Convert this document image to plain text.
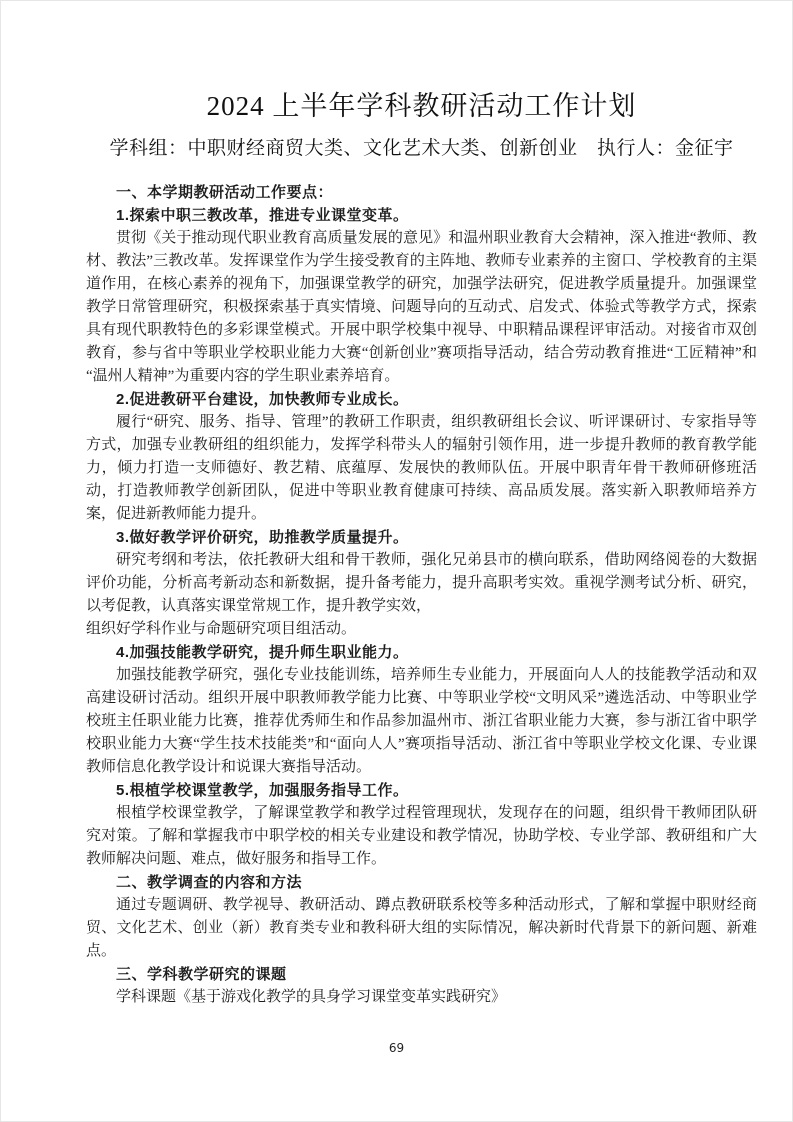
2024 上半年学科教研活动工作计划
学科组：中职财经商贸大类、文化艺术大类、创新创业　执行人：金征宇

一、本学期教研活动工作要点：

1.探索中职三教改革，推进专业课堂变革。

贯彻《关于推动现代职业教育高质量发展的意见》和温州职业教育大会精神，深入推进“教师、教材、教法”三教改革。发挥课堂作为学生接受教育的主阵地、教师专业素养的主窗口、学校教育的主渠道作用，在核心素养的视角下，加强课堂教学的研究，加强学法研究，促进教学质量提升。加强课堂教学日常管理研究，积极探索基于真实情境、问题导向的互动式、启发式、体验式等教学方式，探索具有现代职教特色的多彩课堂模式。开展中职学校集中视导、中职精品课程评审活动。对接省市双创教育，参与省中等职业学校职业能力大赛“创新创业”赛项指导活动，结合劳动教育推进“工匠精神”和“温州人精神”为重要内容的学生职业素养培育。

2.促进教研平台建设，加快教师专业成长。

履行“研究、服务、指导、管理”的教研工作职责，组织教研组长会议、听评课研讨、专家指导等方式，加强专业教研组的组织能力，发挥学科带头人的辐射引领作用，进一步提升教师的教育教学能力，倾力打造一支师德好、教艺精、底蕴厚、发展快的教师队伍。开展中职青年骨干教师研修班活动，打造教师教学创新团队，促进中等职业教育健康可持续、高品质发展。落实新入职教师培养方案，促进新教师能力提升。

3.做好教学评价研究，助推教学质量提升。

研究考纲和考法，依托教研大组和骨干教师，强化兄弟县市的横向联系，借助网络阅卷的大数据评价功能，分析高考新动态和新数据，提升备考能力，提升高职考实效。重视学测考试分析、研究，以考促教，认真落实课堂常规工作，提升教学实效，

组织好学科作业与命题研究项目组活动。

4.加强技能教学研究，提升师生职业能力。

加强技能教学研究，强化专业技能训练，培养师生专业能力，开展面向人人的技能教学活动和双高建设研讨活动。组织开展中职教师教学能力比赛、中等职业学校“文明风采”遴选活动、中等职业学校班主任职业能力比赛，推荐优秀师生和作品参加温州市、浙江省职业能力大赛，参与浙江省中职学校职业能力大赛“学生技术技能类”和“面向人人”赛项指导活动、浙江省中等职业学校文化课、专业课教师信息化教学设计和说课大赛指导活动。

5.根植学校课堂教学，加强服务指导工作。

根植学校课堂教学，了解课堂教学和教学过程管理现状，发现存在的问题，组织骨干教师团队研究对策。了解和掌握我市中职学校的相关专业建设和教学情况，协助学校、专业学部、教研组和广大教师解决问题、难点，做好服务和指导工作。

二、教学调查的内容和方法

通过专题调研、教学视导、教研活动、蹲点教研联系校等多种活动形式，了解和掌握中职财经商贸、文化艺术、创业（新）教育类专业和教科研大组的实际情况，解决新时代背景下的新问题、新难点。

三、学科教学研究的课题

学科课题《基于游戏化教学的具身学习课堂变革实践研究》

69
